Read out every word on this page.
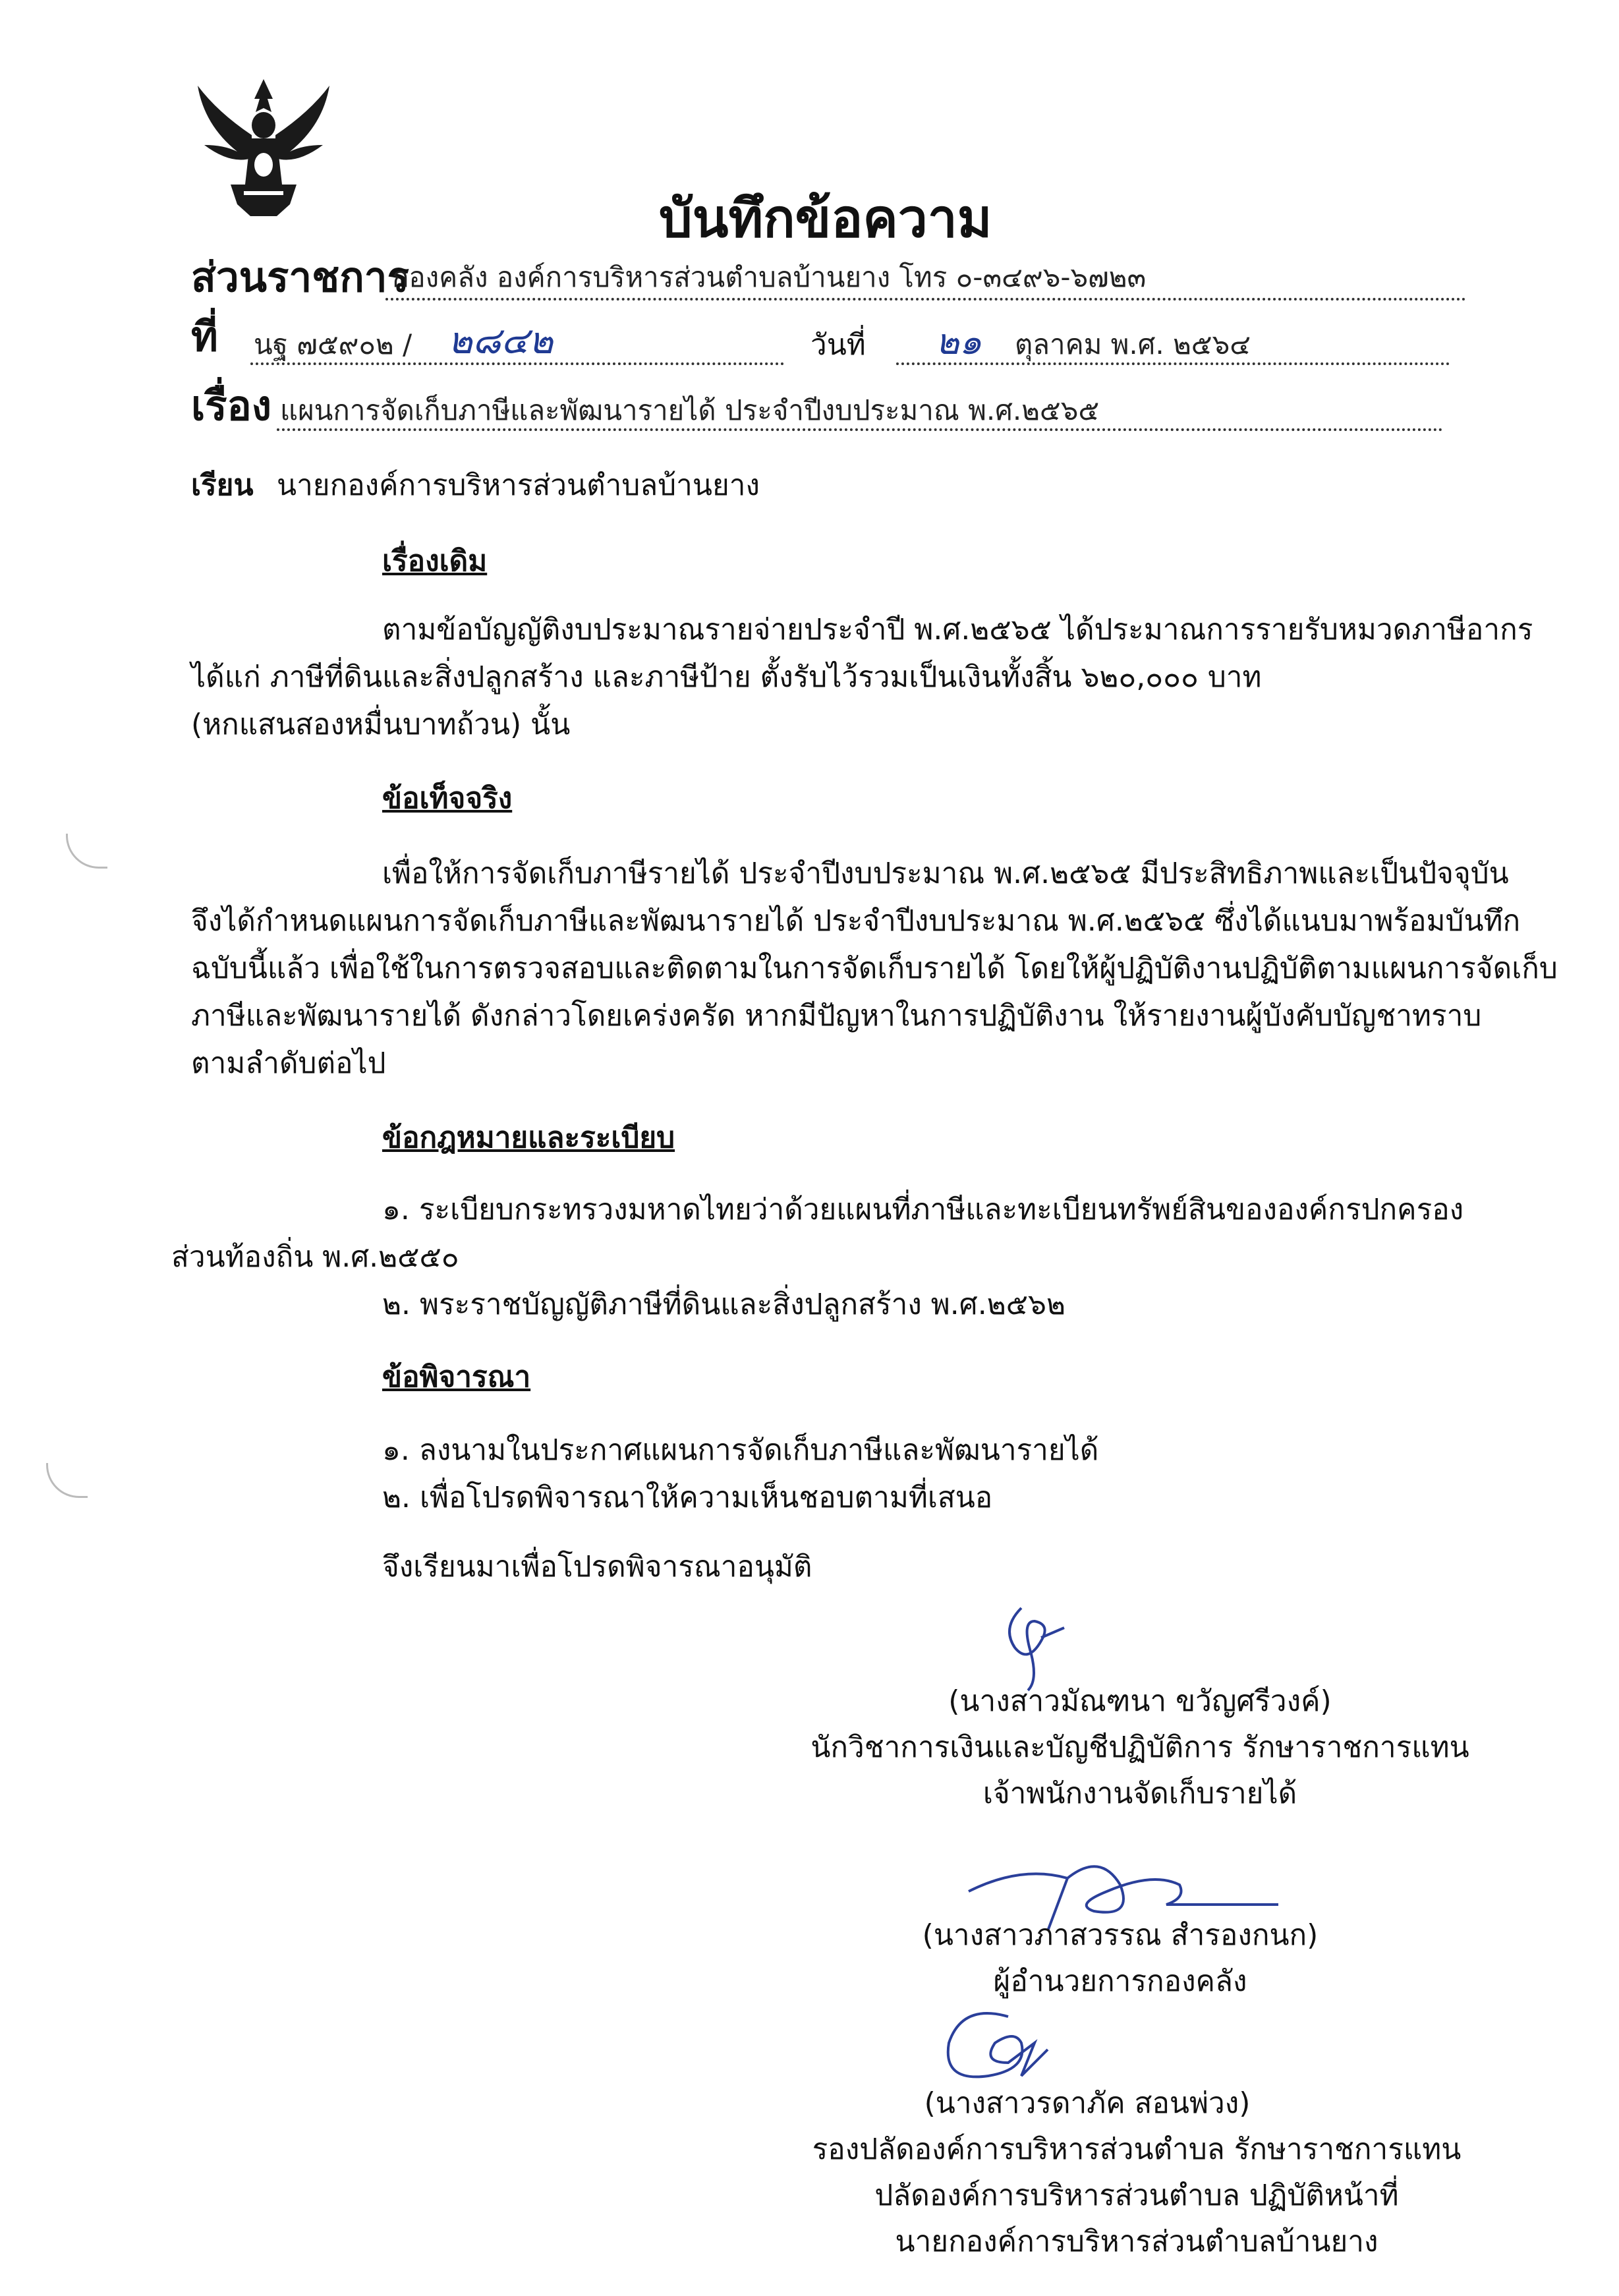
บันทึกข้อความ
ส่วนราชการ
กองคลัง องค์การบริหารส่วนตำบลบ้านยาง โทร ๐-๓๔๙๖-๖๗๒๓
ที่ นฐ ๗๕๙๐๒ / ๒๘๔๒	วันที่ ๒๑ ตุลาคม พ.ศ. ๒๕๖๔
เรื่อง แผนการจัดเก็บภาษีและพัฒนารายได้ ประจำปีงบประมาณ พ.ศ.๒๕๖๕
เรียน นายกองค์การบริหารส่วนตำบลบ้านยาง
เรื่องเดิม
ตามข้อบัญญัติงบประมาณรายจ่ายประจำปี พ.ศ.๒๕๖๕ ได้ประมาณการรายรับหมวดภาษีอากร
ได้แก่ ภาษีที่ดินและสิ่งปลูกสร้าง และภาษีป้าย ตั้งรับไว้รวมเป็นเงินทั้งสิ้น ๖๒๐,๐๐๐ บาท
(หกแสนสองหมื่นบาทถ้วน) นั้น
ข้อเท็จจริง
เพื่อให้การจัดเก็บภาษีรายได้ ประจำปีงบประมาณ พ.ศ.๒๕๖๕ มีประสิทธิภาพและเป็นปัจจุบัน
จึงได้กำหนดแผนการจัดเก็บภาษีและพัฒนารายได้ ประจำปีงบประมาณ พ.ศ.๒๕๖๕ ซึ่งได้แนบมาพร้อมบันทึก
ฉบับนี้แล้ว เพื่อใช้ในการตรวจสอบและติดตามในการจัดเก็บรายได้ โดยให้ผู้ปฏิบัติงานปฏิบัติตามแผนการจัดเก็บ
ภาษีและพัฒนารายได้ ดังกล่าวโดยเคร่งครัด หากมีปัญหาในการปฏิบัติงาน ให้รายงานผู้บังคับบัญชาทราบ
ตามลำดับต่อไป
ข้อกฎหมายและระเบียบ
๑. ระเบียบกระทรวงมหาดไทยว่าด้วยแผนที่ภาษีและทะเบียนทรัพย์สินขององค์กรปกครอง
ส่วนท้องถิ่น พ.ศ.๒๕๕๐
๒. พระราชบัญญัติภาษีที่ดินและสิ่งปลูกสร้าง พ.ศ.๒๕๖๒
ข้อพิจารณา
๑. ลงนามในประกาศแผนการจัดเก็บภาษีและพัฒนารายได้
๒. เพื่อโปรดพิจารณาให้ความเห็นชอบตามที่เสนอ
จึงเรียนมาเพื่อโปรดพิจารณาอนุมัติ
(นางสาวมัณฑนา ขวัญศรีวงค์)
นักวิชาการเงินและบัญชีปฏิบัติการ รักษาราชการแทน
เจ้าพนักงานจัดเก็บรายได้
(นางสาวภาสวรรณ สำรองกนก)
ผู้อำนวยการกองคลัง
(นางสาวรดาภัค สอนพ่วง)
รองปลัดองค์การบริหารส่วนตำบล รักษาราชการแทน
ปลัดองค์การบริหารส่วนตำบล ปฏิบัติหน้าที่
นายกองค์การบริหารส่วนตำบลบ้านยาง
